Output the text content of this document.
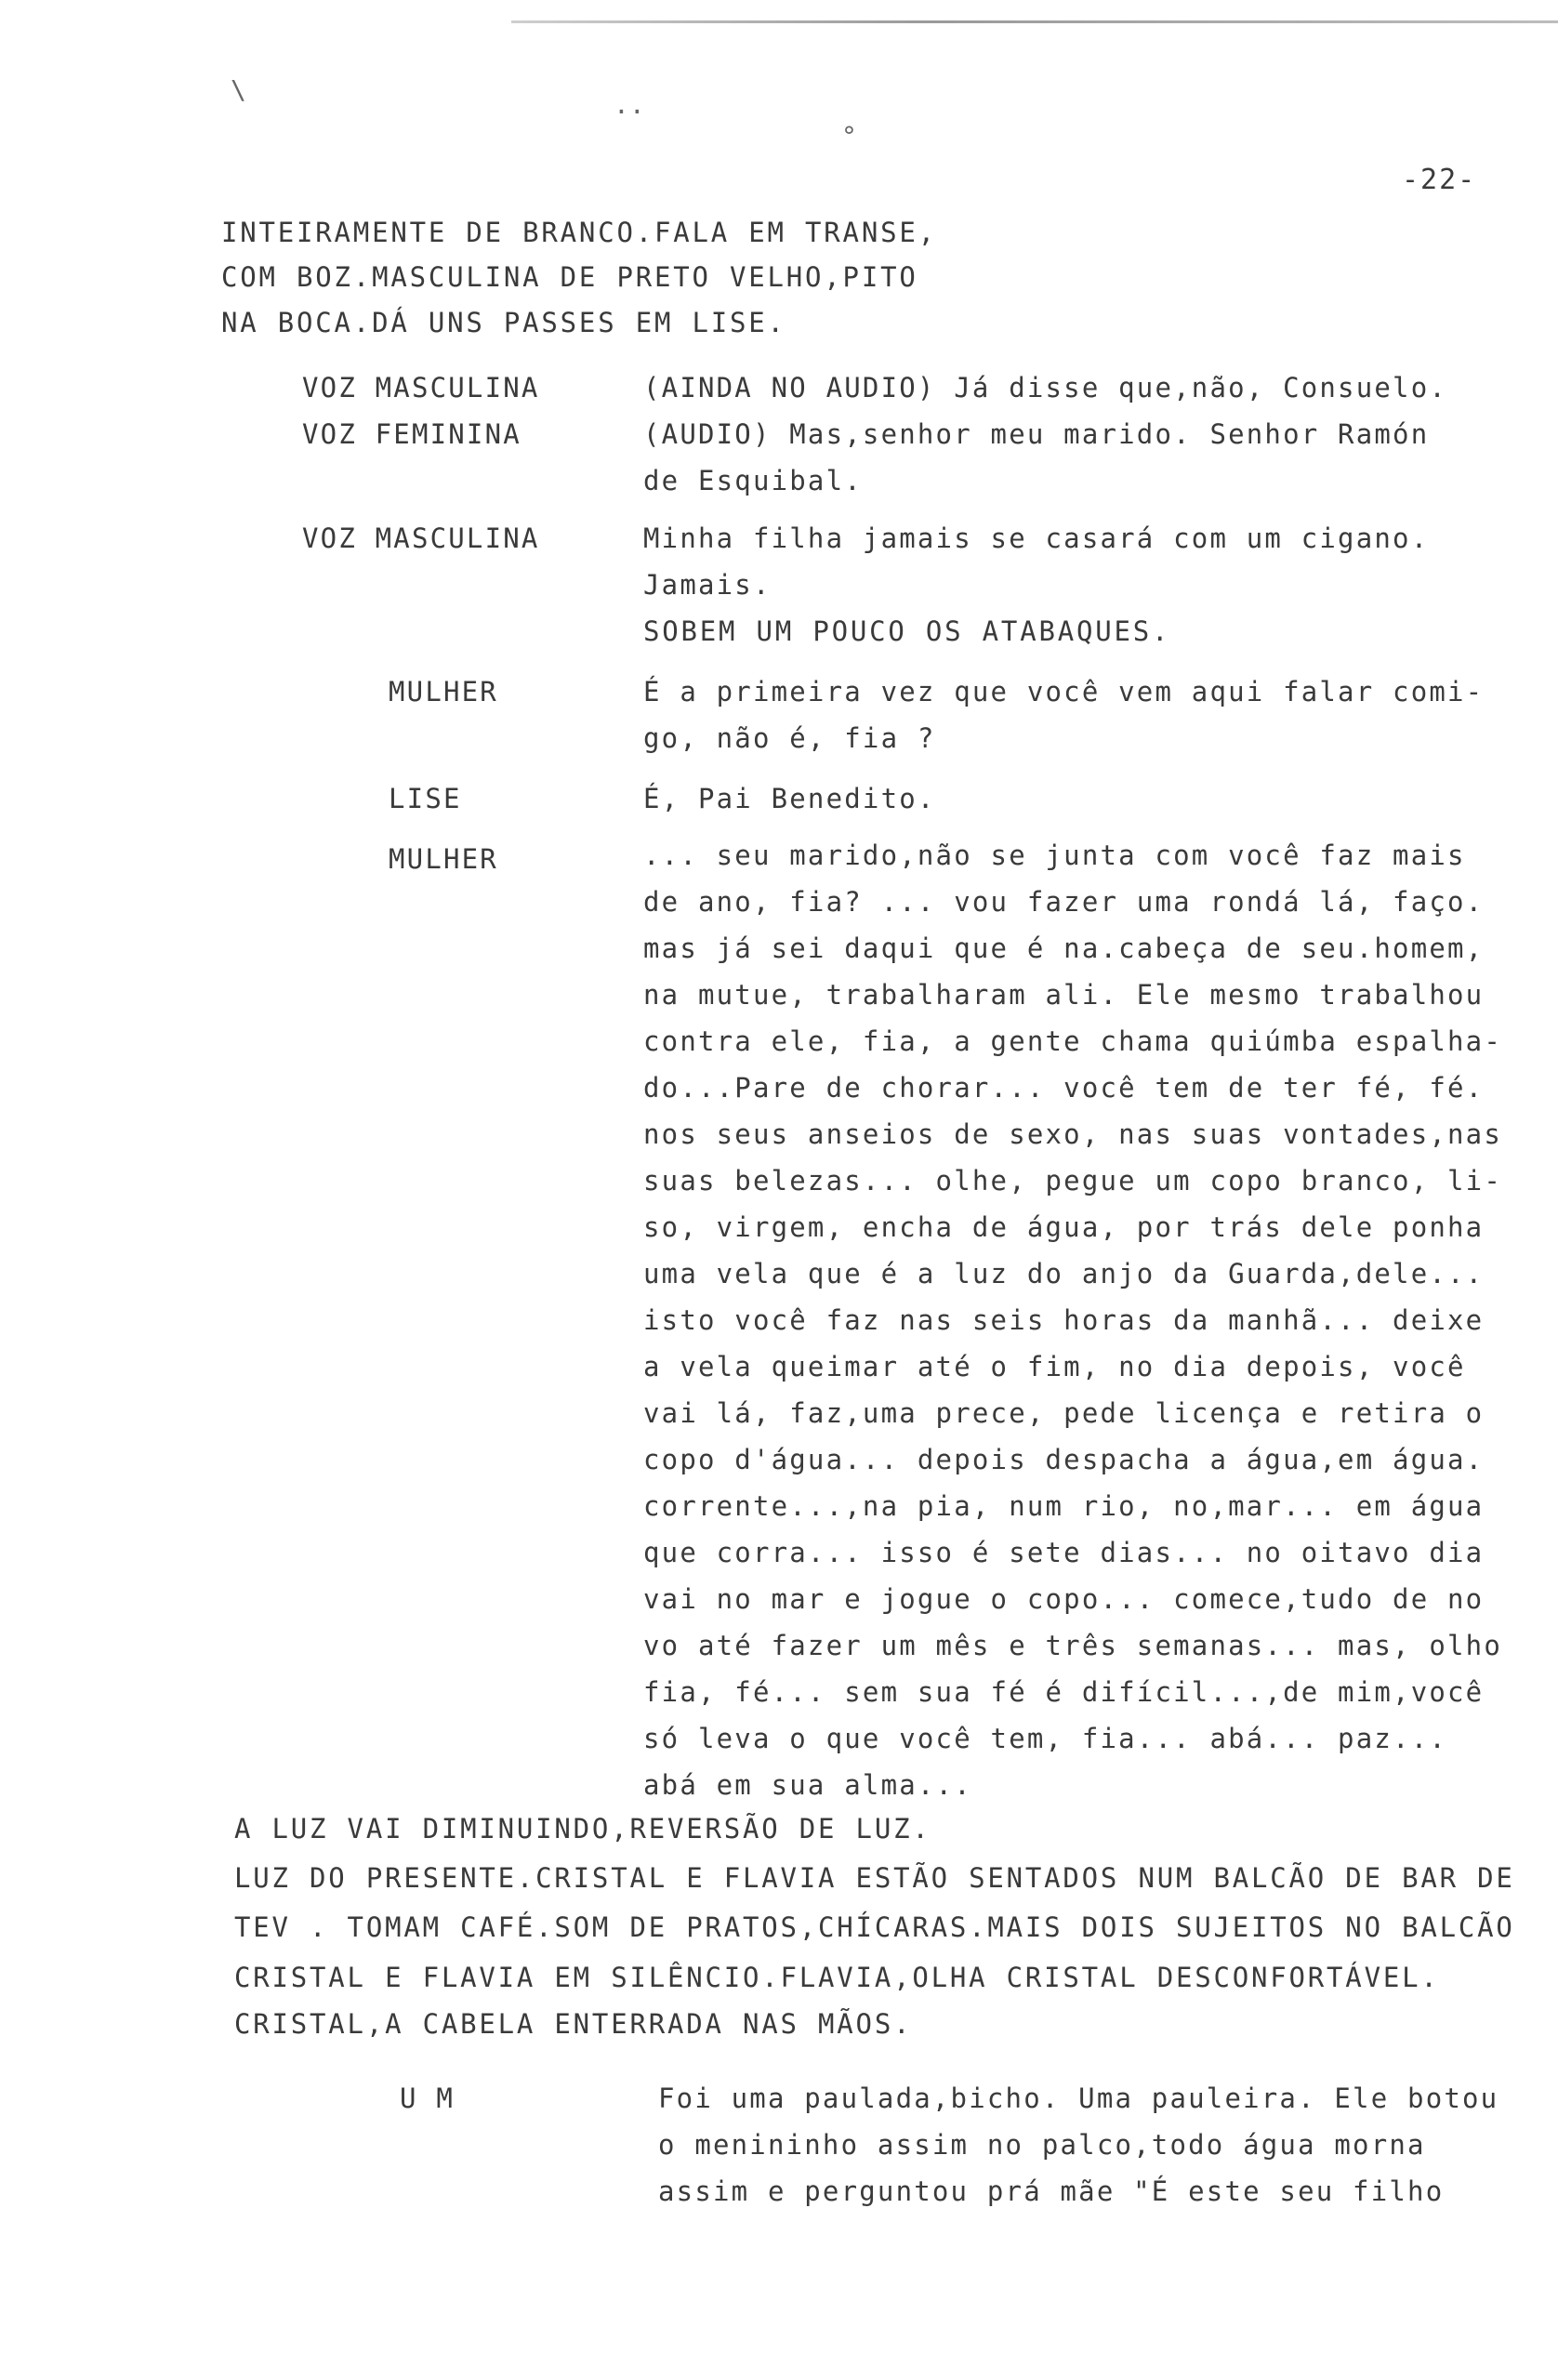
\	..
°
-22-
INTEIRAMENTE DE BRANCO.FALA EM TRANSE,
COM BOZ.MASCULINA DE PRETO VELHO,PITO
NA BOCA.DÁ UNS PASSES EM LISE.
VOZ MASCULINA	(AINDA NO AUDIO) Já disse que,não, Consuelo.
VOZ FEMININA	(AUDIO) Mas,senhor meu marido. Senhor Ramón
de Esquibal.
VOZ MASCULINA	Minha filha jamais se casará com um cigano.
Jamais.
SOBEM UM POUCO OS ATABAQUES.
MULHER	É a primeira vez que você vem aqui falar comi-
go, não é, fia ?
LISE	É, Pai Benedito.
MULHER	... seu marido,não se junta com você faz mais
de ano, fia? ... vou fazer uma rondá lá, faço.
mas já sei daqui que é na.cabeça de seu.homem,
na mutue, trabalharam ali. Ele mesmo trabalhou
contra ele, fia, a gente chama quiúmba espalha-
do...Pare de chorar... você tem de ter fé, fé.
nos seus anseios de sexo, nas suas vontades,nas
suas belezas... olhe, pegue um copo branco, li-
so, virgem, encha de água, por trás dele ponha
uma vela que é a luz do anjo da Guarda,dele...
isto você faz nas seis horas da manhã... deixe
a vela queimar até o fim, no dia depois, você
vai lá, faz,uma prece, pede licença e retira o
copo d'água... depois despacha a água,em água.
corrente...,na pia, num rio, no,mar... em água
que corra... isso é sete dias... no oitavo dia
vai no mar e jogue o copo... comece,tudo de no
vo até fazer um mês e três semanas... mas, olho
fia, fé... sem sua fé é difícil...,de mim,você
só leva o que você tem, fia... abá... paz...
abá em sua alma...
A LUZ VAI DIMINUINDO,REVERSÃO DE LUZ.
LUZ DO PRESENTE.CRISTAL E FLAVIA ESTÃO SENTADOS NUM BALCÃO DE BAR DE
TEV . TOMAM CAFÉ.SOM DE PRATOS,CHÍCARAS.MAIS DOIS SUJEITOS NO BALCÃO
CRISTAL E FLAVIA EM SILÊNCIO.FLAVIA,OLHA CRISTAL DESCONFORTÁVEL.
CRISTAL,A CABELA ENTERRADA NAS MÃOS.
U M	Foi uma paulada,bicho. Uma pauleira. Ele botou
o menininho assim no palco,todo água morna
assim e perguntou prá mãe "É este seu filho
